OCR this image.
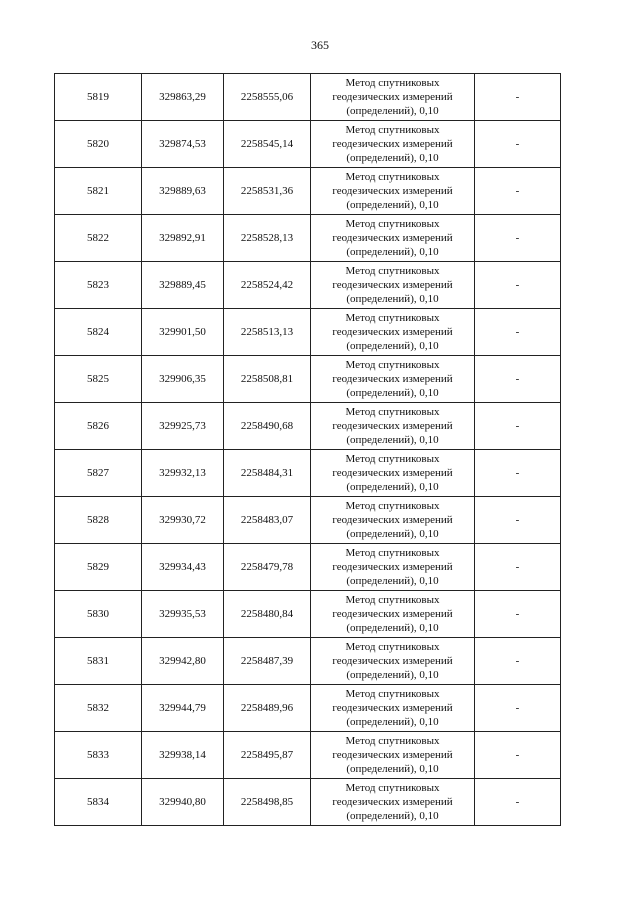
365
5819	329863,29	2258555,06	Метод спутниковых
геодезических измерений
(определений), 0,10	-
5820	329874,53	2258545,14	Метод спутниковых
геодезических измерений
(определений), 0,10	-
5821	329889,63	2258531,36	Метод спутниковых
геодезических измерений
(определений), 0,10	-
5822	329892,91	2258528,13	Метод спутниковых
геодезических измерений
(определений), 0,10	-
5823	329889,45	2258524,42	Метод спутниковых
геодезических измерений
(определений), 0,10	-
5824	329901,50	2258513,13	Метод спутниковых
геодезических измерений
(определений), 0,10	-
5825	329906,35	2258508,81	Метод спутниковых
геодезических измерений
(определений), 0,10	-
5826	329925,73	2258490,68	Метод спутниковых
геодезических измерений
(определений), 0,10	-
5827	329932,13	2258484,31	Метод спутниковых
геодезических измерений
(определений), 0,10	-
5828	329930,72	2258483,07	Метод спутниковых
геодезических измерений
(определений), 0,10	-
5829	329934,43	2258479,78	Метод спутниковых
геодезических измерений
(определений), 0,10	-
5830	329935,53	2258480,84	Метод спутниковых
геодезических измерений
(определений), 0,10	-
5831	329942,80	2258487,39	Метод спутниковых
геодезических измерений
(определений), 0,10	-
5832	329944,79	2258489,96	Метод спутниковых
геодезических измерений
(определений), 0,10	-
5833	329938,14	2258495,87	Метод спутниковых
геодезических измерений
(определений), 0,10	-
5834	329940,80	2258498,85	Метод спутниковых
геодезических измерений
(определений), 0,10	-
